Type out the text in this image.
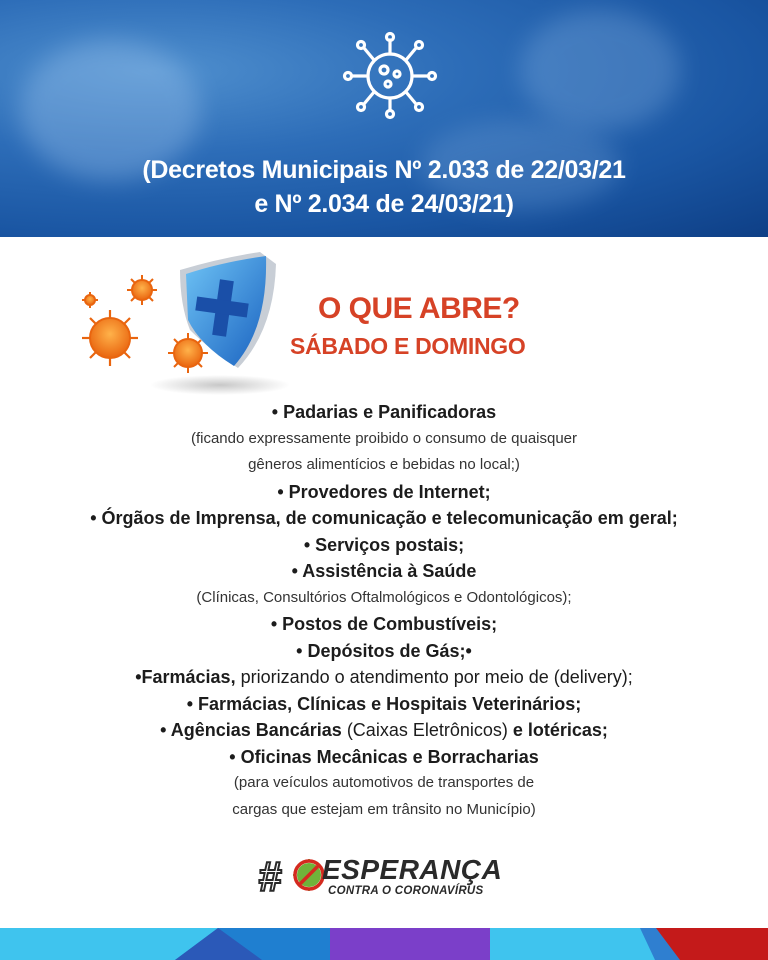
(Decretos Municipais Nº 2.033 de 22/03/21
e Nº 2.034 de 24/03/21)
O QUE ABRE?
SÁBADO E DOMINGO
• Padarias e Panificadoras
(ficando expressamente proibido o consumo de quaisquer
gêneros alimentícios e bebidas no local;)
• Provedores de Internet;
• Órgãos de Imprensa, de comunicação e telecomunicação em geral;
• Serviços postais;
• Assistência à Saúde
(Clínicas, Consultórios Oftalmológicos e Odontológicos);
• Postos de Combustíveis;
• Depósitos de Gás;•
•Farmácias, priorizando o atendimento por meio de (delivery);
• Farmácias, Clínicas e Hospitais Veterinários;
• Agências Bancárias (Caixas Eletrônicos) e lotéricas;
• Oficinas Mecânicas e Borracharias
(para veículos automotivos de transportes de
cargas que estejam em trânsito no Município)
# ESPERANÇA
CONTRA O CORONAVÍRUS
